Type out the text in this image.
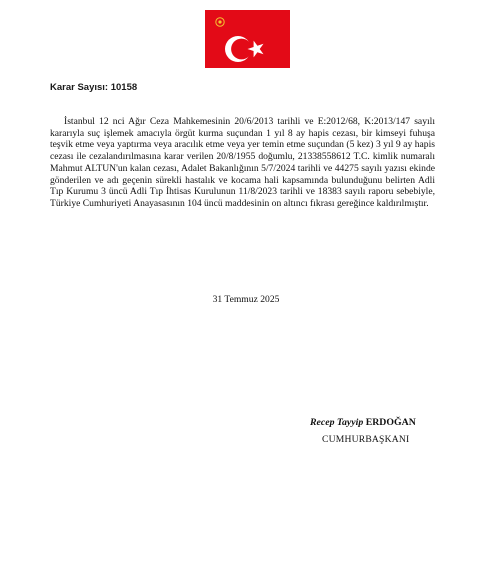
Karar Sayısı: 10158

İstanbul 12 nci Ağır Ceza Mahkemesinin 20/6/2013 tarihli ve E:2012/68, K:2013/147 sayılı kararıyla suç işlemek amacıyla örgüt kurma suçundan 1 yıl 8 ay hapis cezası, bir kimseyi fuhuşa teşvik etme veya yaptırma veya aracılık etme veya yer temin etme suçundan (5 kez) 3 yıl 9 ay hapis cezası ile cezalandırılmasına karar verilen 20/8/1955 doğumlu, 21338558612 T.C. kimlik numaralı Mahmut ALTUN'un kalan cezası, Adalet Bakanlığının 5/7/2024 tarihli ve 44275 sayılı yazısı ekinde gönderilen ve adı geçenin sürekli hastalık ve kocama hali kapsamında bulunduğunu belirten Adli Tıp Kurumu 3 üncü Adli Tıp İhtisas Kurulunun 11/8/2023 tarihli ve 18383 sayılı raporu sebebiyle, Türkiye Cumhuriyeti Anayasasının 104 üncü maddesinin on altıncı fıkrası gereğince kaldırılmıştır.

31 Temmuz 2025
Recep Tayyip ERDOĞAN
CUMHURBAŞKANI
